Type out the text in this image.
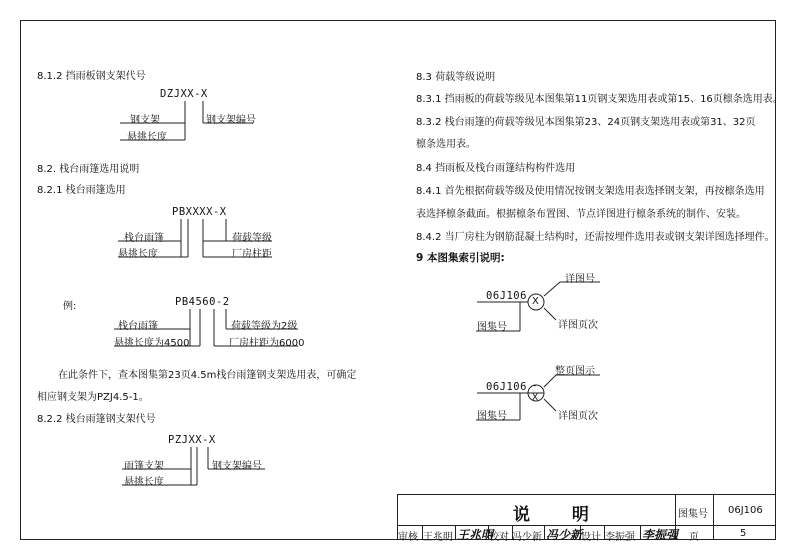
8.1.2 挡雨板钢支架代号
DZJXX-X
钢支架
悬挑长度
钢支架编号
8.2. 栈台雨篷选用说明
8.2.1 栈台雨篷选用
PBXXXX-X
栈台雨篷
悬挑长度
荷载等级
厂房柱距
例:	PB4560-2
栈台雨篷
悬挑长度为4500
荷载等级为2级
厂房柱距为6000
在此条件下，查本图集第23页4.5m栈台雨篷钢支架选用表，可确定
相应钢支架为PZJ4.5-1。
8.2.2 栈台雨篷钢支架代号
PZJXX-X
雨篷支架
悬挑长度
钢支架编号
8.3 荷载等级说明
8.3.1 挡雨板的荷载等级见本图集第11页钢支架选用表或第15、16页檩条选用表。
8.3.2 栈台雨篷的荷载等级见本图集第23、24页钢支架选用表或第31、32页
檩条选用表。
8.4 挡雨板及栈台雨篷结构构件选用
8.4.1 首先根据荷载等级及使用情况按钢支架选用表选择钢支架，再按檩条选用
表选择檩条截面。根据檩条布置图、节点详图进行檩条系统的制作、安装。
8.4.2 当厂房柱为钢筋混凝土结构时，还需按埋件选用表或钢支架详图选择埋件。
9 本图集索引说明:
详图号
06J106 X
图集号	详图页次
整页图示
06J106 -
X
图集号	详图页次
说 明	图集号 06J106
审核 王兆明 王兆明
校对 冯少新 冯少新
设计 李振强 李振强 页	5
